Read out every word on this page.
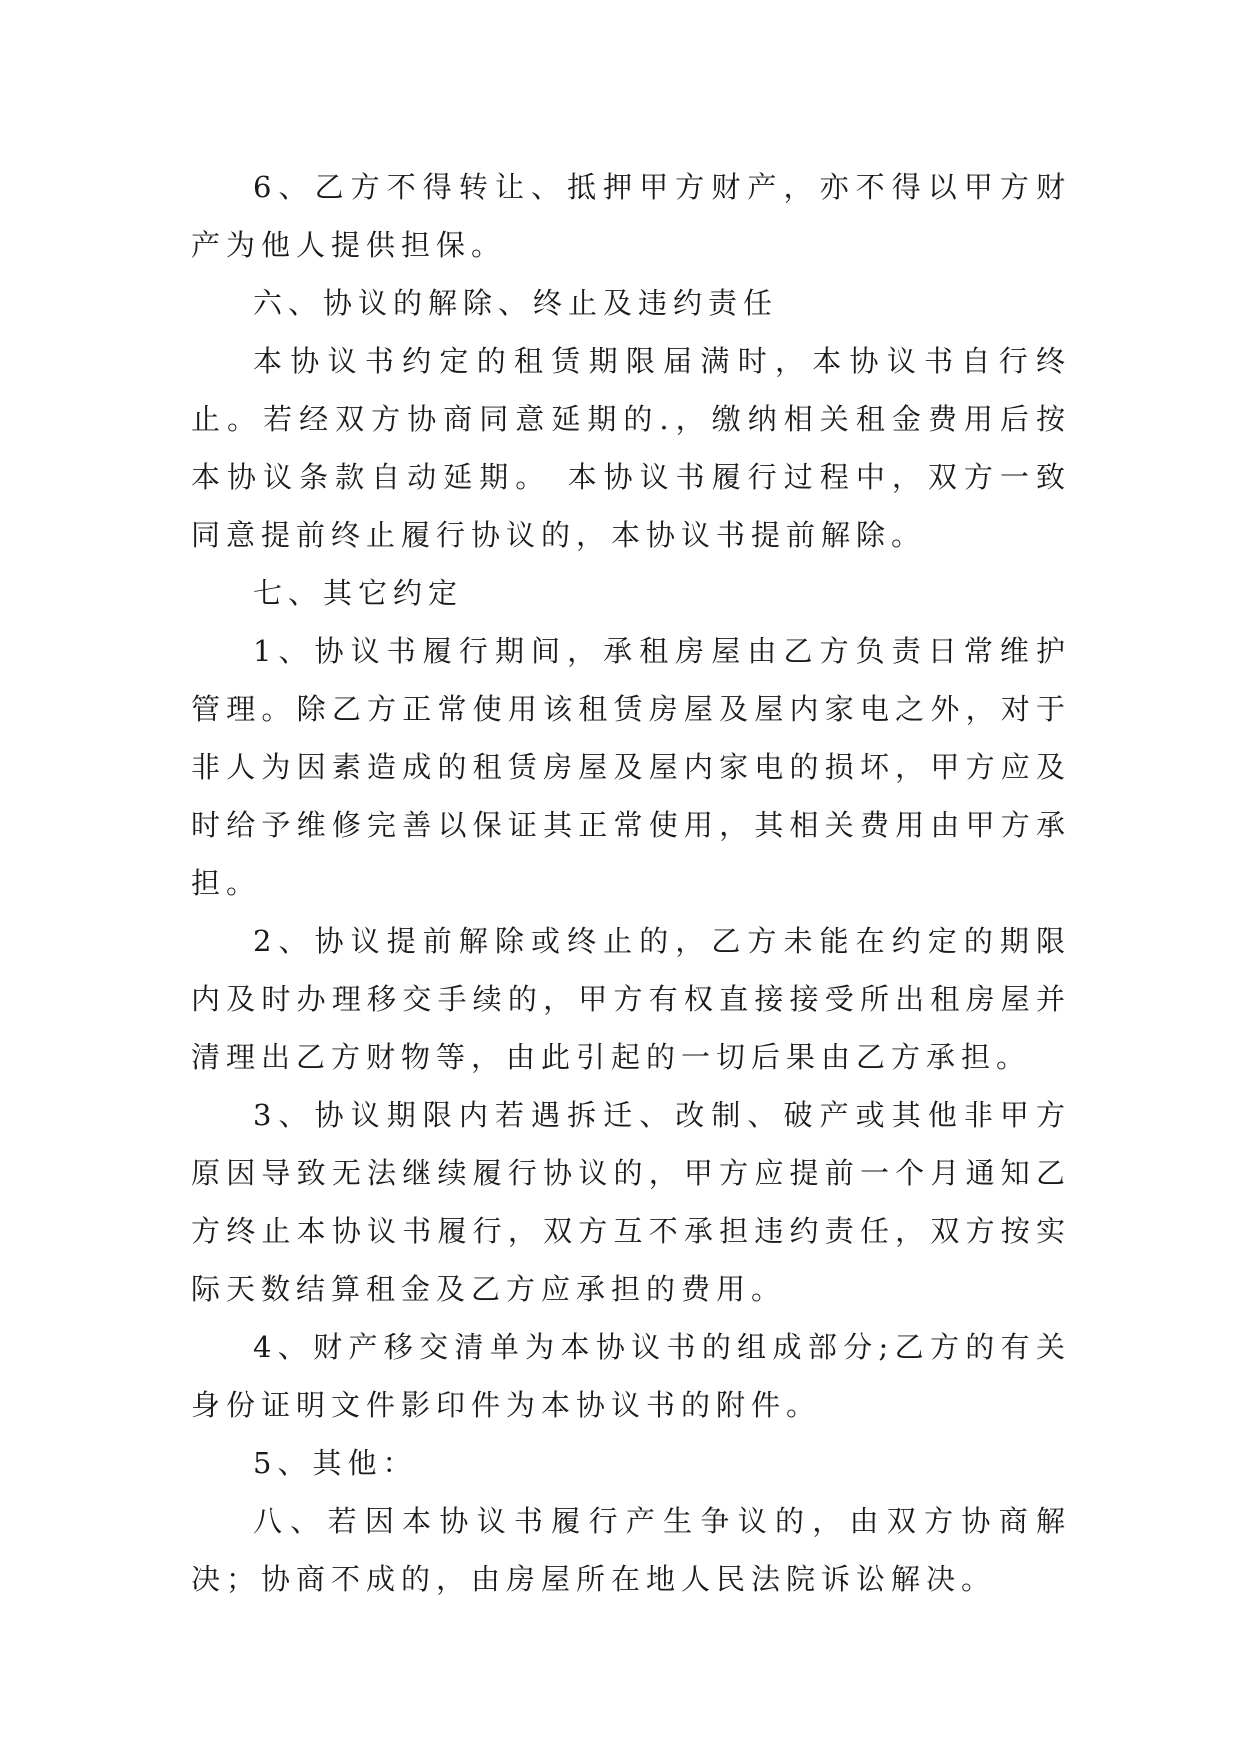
6、乙方不得转让、抵押甲方财产，亦不得以甲方财产为他人提供担保。

六、协议的解除、终止及违约责任

本协议书约定的租赁期限届满时，本协议书自行终止。若经双方协商同意延期的.，缴纳相关租金费用后按本协议条款自动延期。 本协议书履行过程中，双方一致同意提前终止履行协议的，本协议书提前解除。

七、其它约定

1、协议书履行期间，承租房屋由乙方负责日常维护管理。除乙方正常使用该租赁房屋及屋内家电之外，对于非人为因素造成的租赁房屋及屋内家电的损坏，甲方应及时给予维修完善以保证其正常使用，其相关费用由甲方承担。

2、协议提前解除或终止的，乙方未能在约定的期限内及时办理移交手续的，甲方有权直接接受所出租房屋并清理出乙方财物等，由此引起的一切后果由乙方承担。

3、协议期限内若遇拆迁、改制、破产或其他非甲方原因导致无法继续履行协议的，甲方应提前一个月通知乙方终止本协议书履行，双方互不承担违约责任，双方按实际天数结算租金及乙方应承担的费用。

4、财产移交清单为本协议书的组成部分;乙方的有关身份证明文件影印件为本协议书的附件。

5、其他：

八、若因本协议书履行产生争议的，由双方协商解决；协商不成的，由房屋所在地人民法院诉讼解决。
